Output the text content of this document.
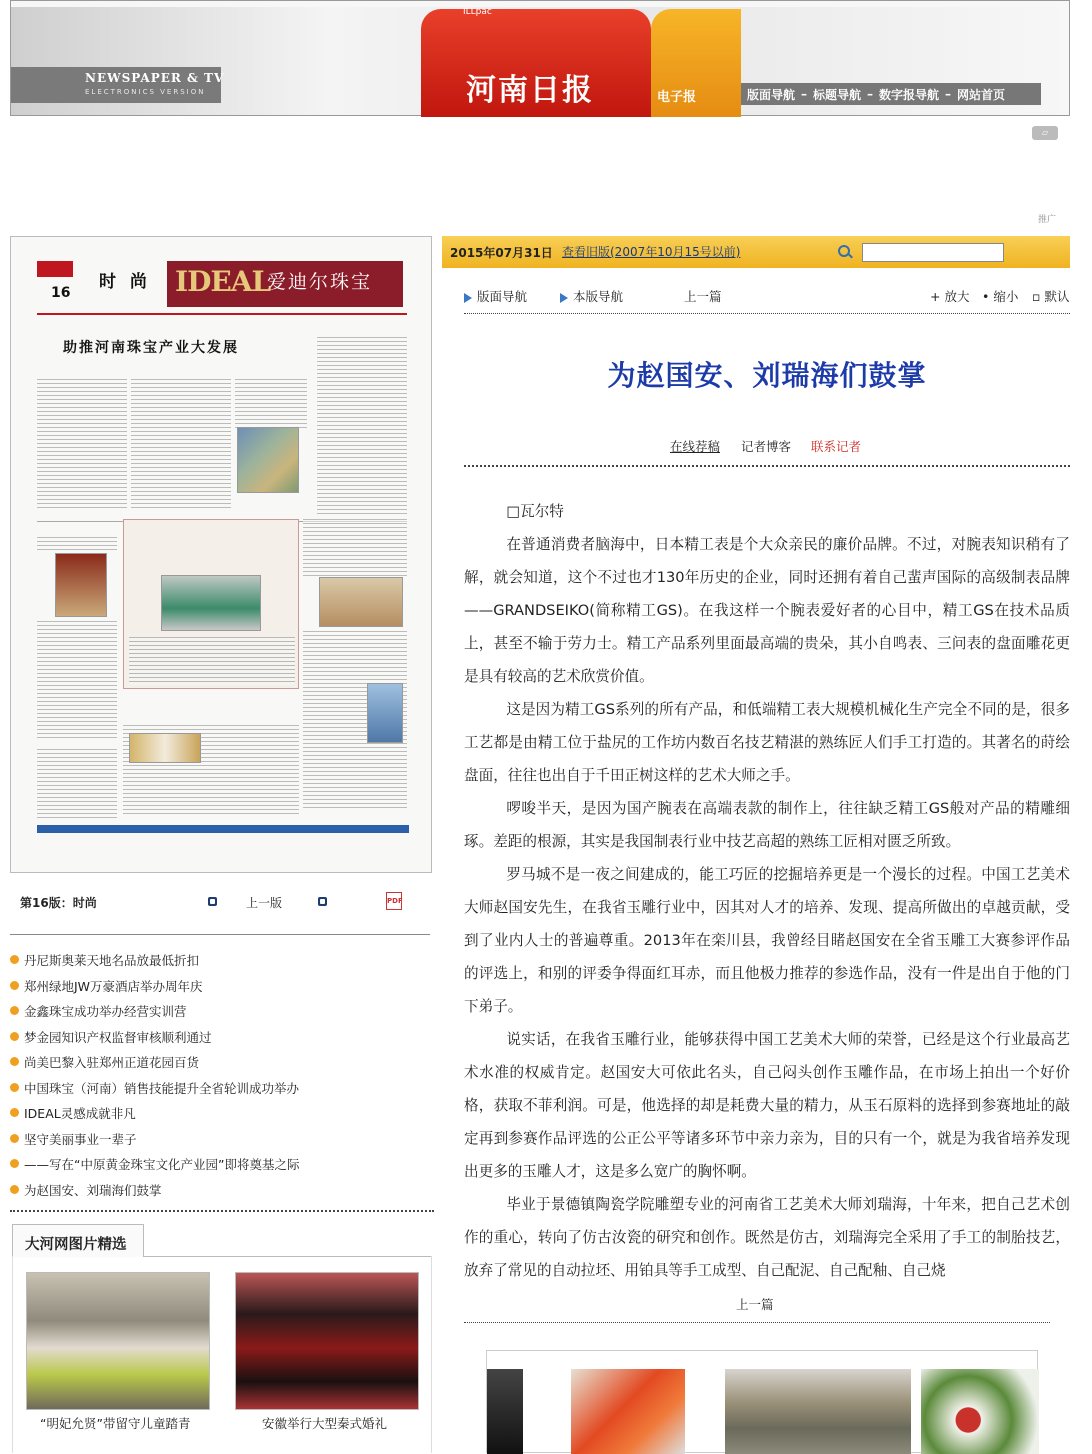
NEWSPAPER & TV
ELECTRONICS VERSION
ILLpac
河南日报	电子报	版面导航 – 标题导航 – 数字报导航 – 网站首页
▱
推广
16
时 尚 IDEAL
爱迪尔珠宝
助推河南珠宝产业大发展
第16版：时尚	上一版	PDF
丹尼斯奥莱天地名品放最低折扣
郑州绿地JW万豪酒店举办周年庆
金鑫珠宝成功举办经营实训营
梦金园知识产权监督审核顺利通过
尚美巴黎入驻郑州正道花园百货
中国珠宝（河南）销售技能提升全省轮训成功举办
IDEAL灵感成就非凡
坚守美丽事业一辈子
——写在“中原黄金珠宝文化产业园”即将奠基之际
为赵国安、刘瑞海们鼓掌
大河网图片精选
“明妃允贤”带留守儿童踏青	安徽举行大型秦式婚礼
2015年07月31日 查看旧版(2007年10月15号以前)
版面导航	本版导航	上一篇	+ 放大 • 缩小 ▫ 默认
为赵国安、刘瑞海们鼓掌
在线荐稿 记者博客 联系记者

□瓦尔特

在普通消费者脑海中，日本精工表是个大众亲民的廉价品牌。不过，对腕表知识稍有了解，就会知道，这个不过也才130年历史的企业，同时还拥有着自己蜚声国际的高级制表品牌——GRANDSEIKO(简称精工GS)。在我这样一个腕表爱好者的心目中，精工GS在技术品质上，甚至不输于劳力士。精工产品系列里面最高端的贵朵，其小自鸣表、三问表的盘面雕花更是具有较高的艺术欣赏价值。

这是因为精工GS系列的所有产品，和低端精工表大规模机械化生产完全不同的是，很多工艺都是由精工位于盐尻的工作坊内数百名技艺精湛的熟练匠人们手工打造的。其著名的莳绘盘面，往往也出自于千田正树这样的艺术大师之手。

啰唆半天，是因为国产腕表在高端表款的制作上，往往缺乏精工GS般对产品的精雕细琢。差距的根源，其实是我国制表行业中技艺高超的熟练工匠相对匮乏所致。

罗马城不是一夜之间建成的，能工巧匠的挖掘培养更是一个漫长的过程。中国工艺美术大师赵国安先生，在我省玉雕行业中，因其对人才的培养、发现、提高所做出的卓越贡献，受到了业内人士的普遍尊重。2013年在栾川县，我曾经目睹赵国安在全省玉雕工大赛参评作品的评选上，和别的评委争得面红耳赤，而且他极力推荐的参选作品，没有一件是出自于他的门下弟子。

说实话，在我省玉雕行业，能够获得中国工艺美术大师的荣誉，已经是这个行业最高艺术水准的权威肯定。赵国安大可依此名头，自己闷头创作玉雕作品，在市场上拍出一个好价格，获取不菲利润。可是，他选择的却是耗费大量的精力，从玉石原料的选择到参赛地址的敲定再到参赛作品评选的公正公平等诸多环节中亲力亲为，目的只有一个，就是为我省培养发现出更多的玉雕人才，这是多么宽广的胸怀啊。

毕业于景德镇陶瓷学院雕塑专业的河南省工艺美术大师刘瑞海，十年来，把自己艺术创作的重心，转向了仿古汝瓷的研究和创作。既然是仿古，刘瑞海完全采用了手工的制胎技艺，放弃了常见的自动拉坯、用铂具等手工成型、自己配泥、自己配釉、自己烧

上一篇
